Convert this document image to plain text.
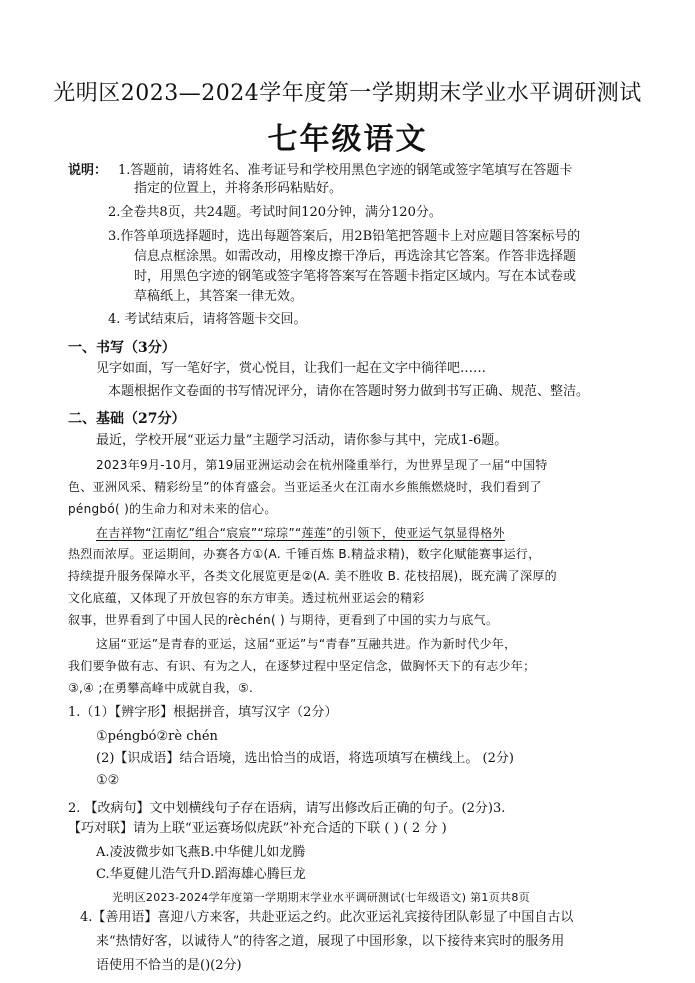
光明区2023—2024学年度第一学期期末学业水平调研测试
七年级语文
说明： 1.答题前，请将姓名、准考证号和学校用黑色字迹的钢笔或签字笔填写在答题卡
指定的位置上，并将条形码粘贴好。
2.全卷共8页，共24题。考试时间120分钟，满分120分。
3.作答单项选择题时，选出每题答案后，用2B铅笔把答题卡上对应题目答案标号的
信息点框涂黑。如需改动，用橡皮擦干净后，再选涂其它答案。作答非选择题
时，用黑色字迹的钢笔或签字笔将答案写在答题卡指定区域内。写在本试卷或
草稿纸上，其答案一律无效。
4. 考试结束后，请将答题卡交回。
一、书写（3分）
见字如面，写一笔好字，赏心悦目，让我们一起在文字中徜徉吧……
本题根据作文卷面的书写情况评分，请你在答题时努力做到书写正确、规范、整洁。
二、基础（27分）
最近，学校开展“亚运力量”主题学习活动，请你参与其中，完成1-6题。
2023年9月-10月，第19届亚洲运动会在杭州隆重举行，为世界呈现了一届“中国特
色、亚洲风采、精彩纷呈”的体育盛会。当亚运圣火在江南水乡熊熊燃烧时，我们看到了
péngbó( )的生命力和对未来的信心。
在吉祥物“江南忆”组合“宸宸”“琮琮”“莲莲”的引领下，使亚运气氛显得格外
热烈而浓厚。亚运期间，办赛各方①(A. 千锤百炼 B.精益求精)，数字化赋能赛事运行，
持续提升服务保障水平，各类文化展览更是②(A. 美不胜收 B. 花枝招展)，既充满了深厚的
文化底蕴，又体现了开放包容的东方审美。透过杭州亚运会的精彩
叙事，世界看到了中国人民的rèchén( ) 与期待，更看到了中国的实力与底气。
这届“亚运”是青春的亚运，这届“亚运”与“青春”互融共进。作为新时代少年，
我们要争做有志、有识、有为之人，在逐梦过程中坚定信念，做胸怀天下的有志少年；
③,④ ;在勇攀高峰中成就自我，⑤.
1.（1）【辨字形】根据拼音，填写汉字（2分）
①péngbó②rè chén
(2)【识成语】结合语境，选出恰当的成语，将选项填写在横线上。 (2分)
①②
2. 【改病句】文中划横线句子存在语病，请写出修改后正确的句子。(2分)3.
【巧对联】请为上联“亚运赛场似虎跃”补充合适的下联 ( ) ( 2 分 )
A.凌波微步如飞燕B.中华健儿如龙腾
C.华夏健儿浩气升D.蹈海雄心腾巨龙
光明区2023-2024学年度第一学期期末学业水平调研测试(七年级语文) 第1页共8页
4.【善用语】喜迎八方来客，共赴亚运之约。此次亚运礼宾接待团队彰显了中国自古以
来“热情好客，以诚待人”的待客之道，展现了中国形象，以下接待来宾时的服务用
语使用不恰当的是()(2分)
